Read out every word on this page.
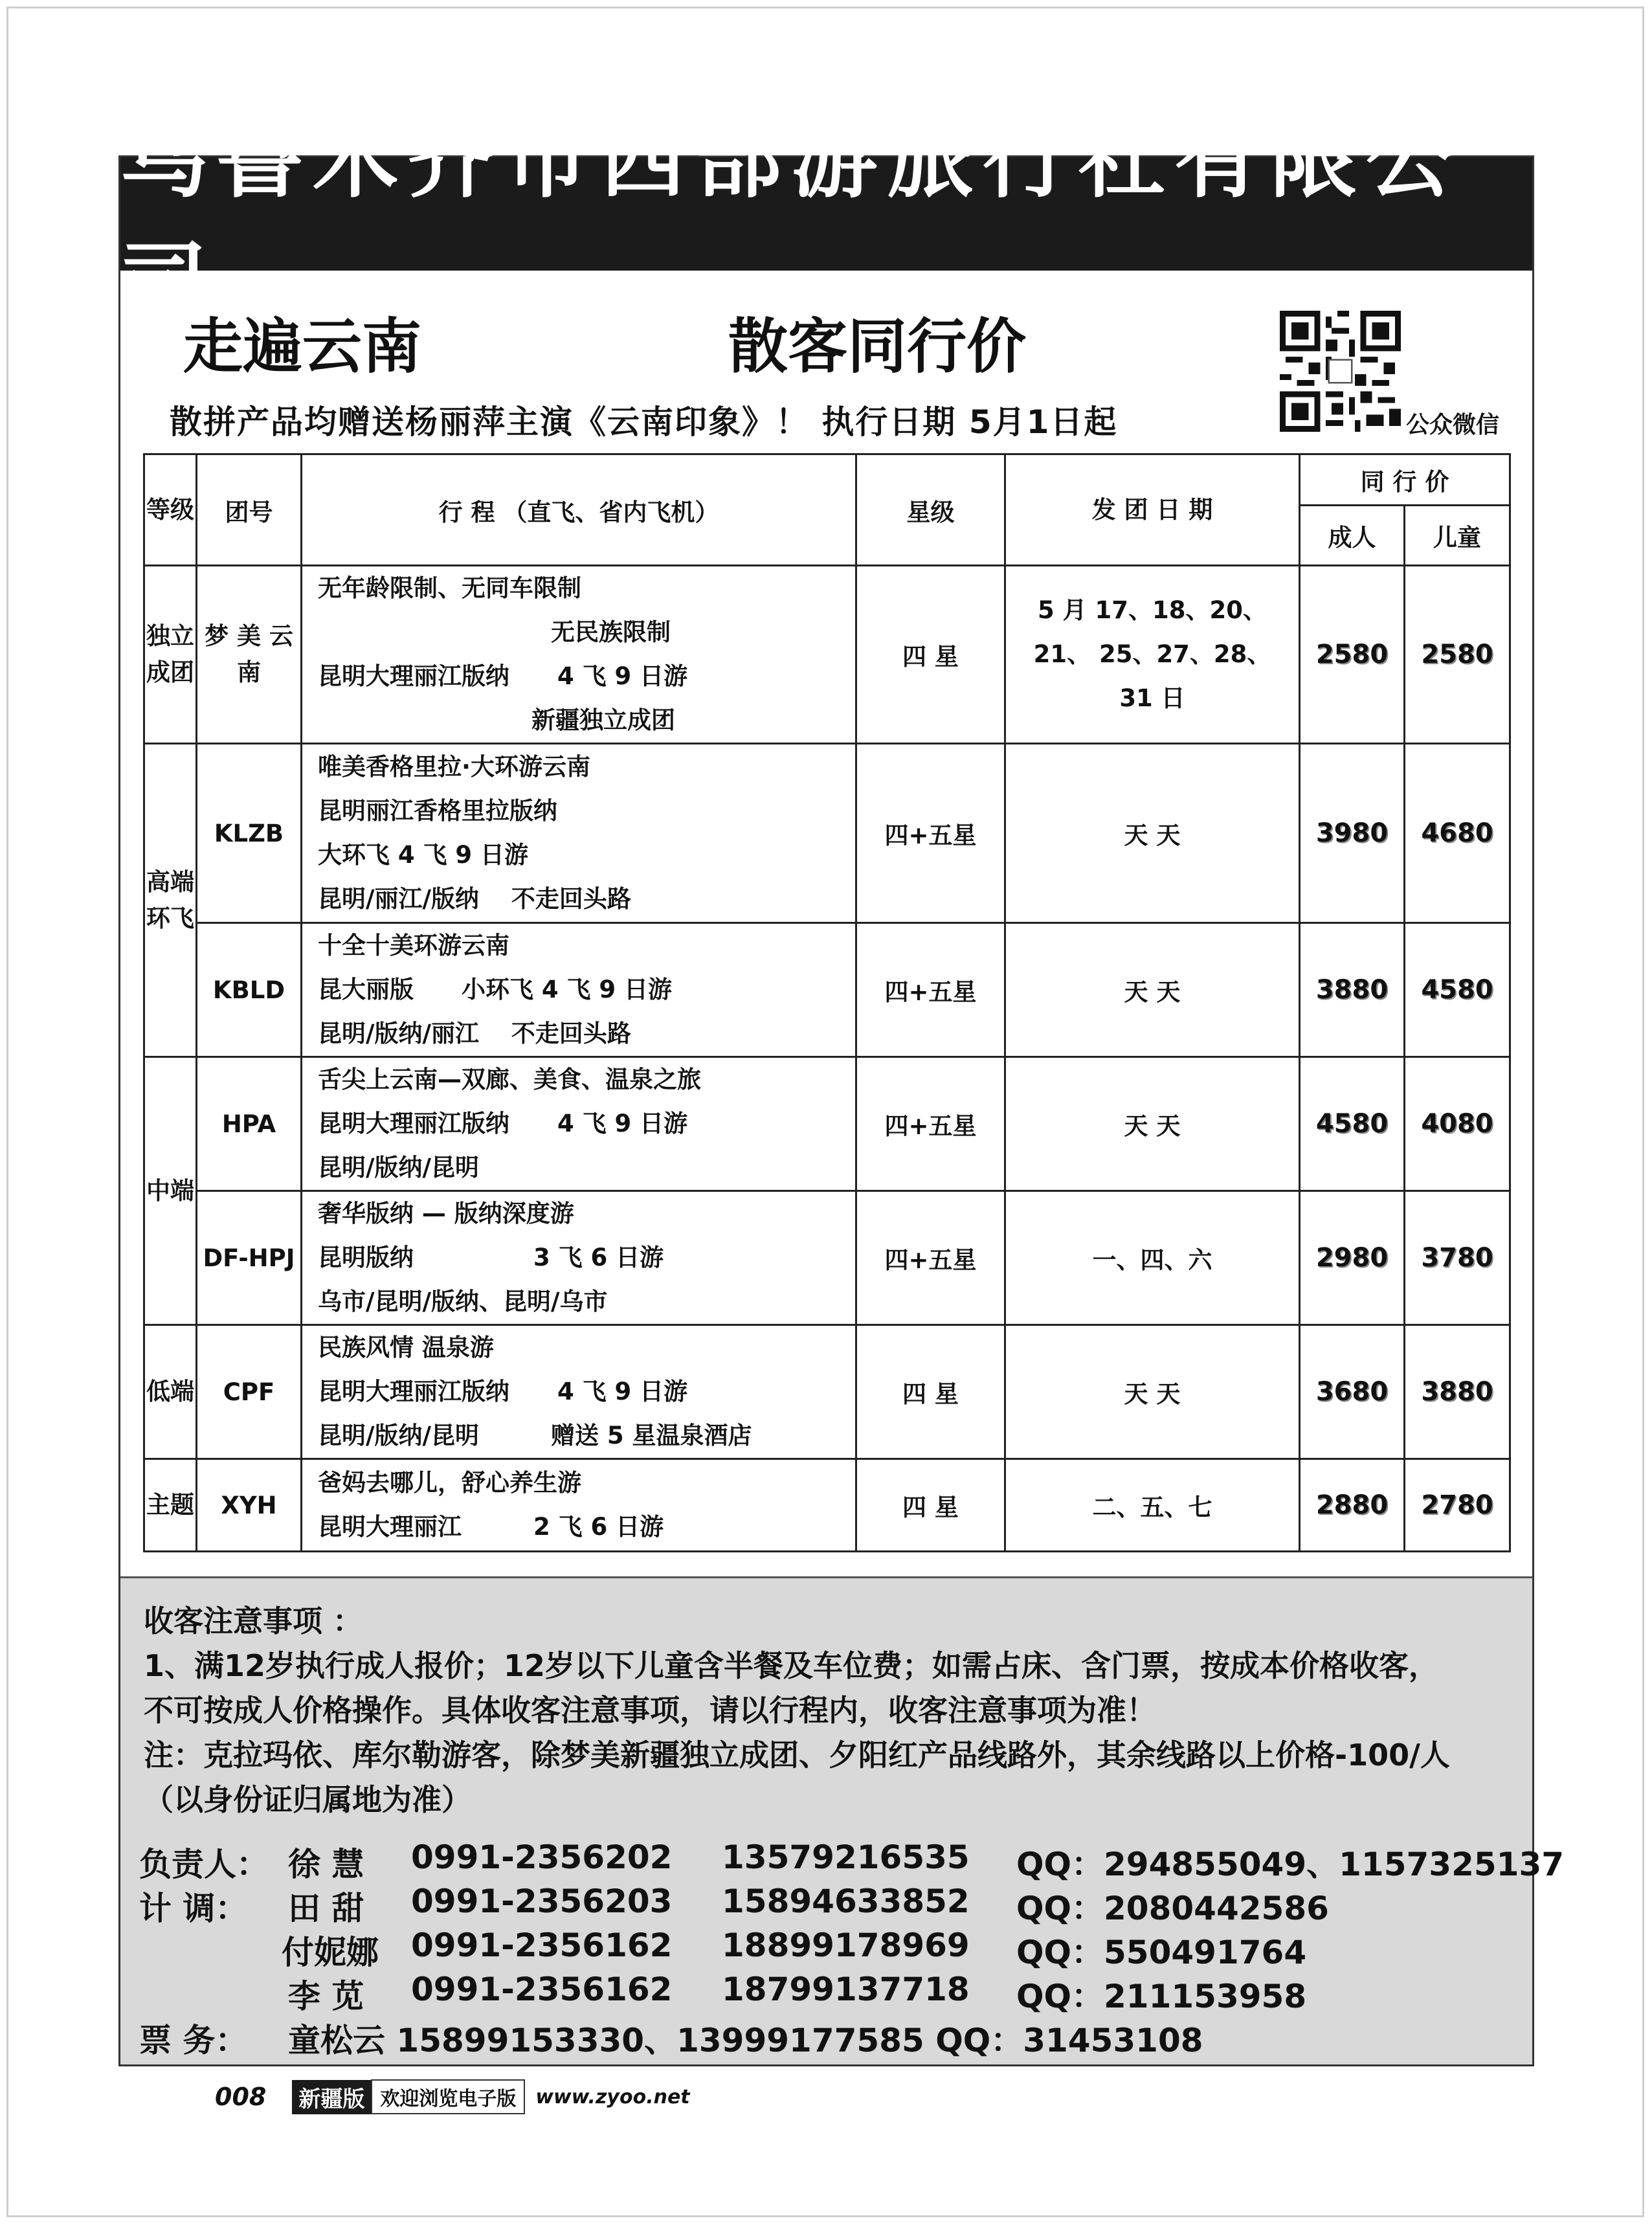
乌鲁木齐市西部游旅行社有限公司
走遍云南	散客同行价
散拼产品均赠送杨丽萍主演《云南印象》！ 执行日期 5月1日起	公众微信
等级	团号	行 程 （直飞、省内飞机）	星级	发 团 日 期	同 行 价	
					成人	儿童
独立成团	梦 美 云 南	无年龄限制、无同车限制
无民族限制
昆明大理丽江版纳　　4 飞 9 日游
新疆独立成团	四 星	5 月 17、18、20、21、 25、27、28、31 日	2580	2580
高端环飞	KLZB	唯美香格里拉·大环游云南
昆明丽江香格里拉版纳
大环飞 4 飞 9 日游
昆明/丽江/版纳　 不走回头路	四+五星	天 天	3980	4680
	KBLD	十全十美环游云南
昆大丽版　　小环飞 4 飞 9 日游
昆明/版纳/丽江　 不走回头路	四+五星	天 天	3880	4580
中端	HPA	舌尖上云南—双廊、美食、温泉之旅
昆明大理丽江版纳　　4 飞 9 日游
昆明/版纳/昆明	四+五星	天 天	4580	4080
	DF-HPJ	奢华版纳 — 版纳深度游
昆明版纳　　　　　3 飞 6 日游
乌市/昆明/版纳、昆明/乌市	四+五星	一、四、六	2980	3780
低端	CPF	民族风情 温泉游
昆明大理丽江版纳　　4 飞 9 日游
昆明/版纳/昆明　　　赠送 5 星温泉酒店	四 星	天 天	3680	3880
主题	XYH	爸妈去哪儿，舒心养生游
昆明大理丽江　　　2 飞 6 日游	四 星	二、五、七	2880	2780
收客注意事项 ：
1、满12岁执行成人报价；12岁以下儿童含半餐及车位费；如需占床、含门票，按成本价格收客，
不可按成人价格操作。具体收客注意事项，请以行程内，收客注意事项为准！
注：克拉玛依、库尔勒游客，除梦美新疆独立成团、夕阳红产品线路外，其余线路以上价格-100/人
（以身份证归属地为准）
负责人： 徐 慧 0991-2356202 13579216535 QQ：294855049、1157325137
计 调： 田 甜 0991-2356203 15894633852 QQ：2080442586
付妮娜 0991-2356162 18899178969 QQ：550491764
李 苋 0991-2356162 18799137718 QQ：211153958
票 务： 童松云 15899153330、13999177585 QQ：31453108
008 新疆版 欢迎浏览电子版	www.zyoo.net
